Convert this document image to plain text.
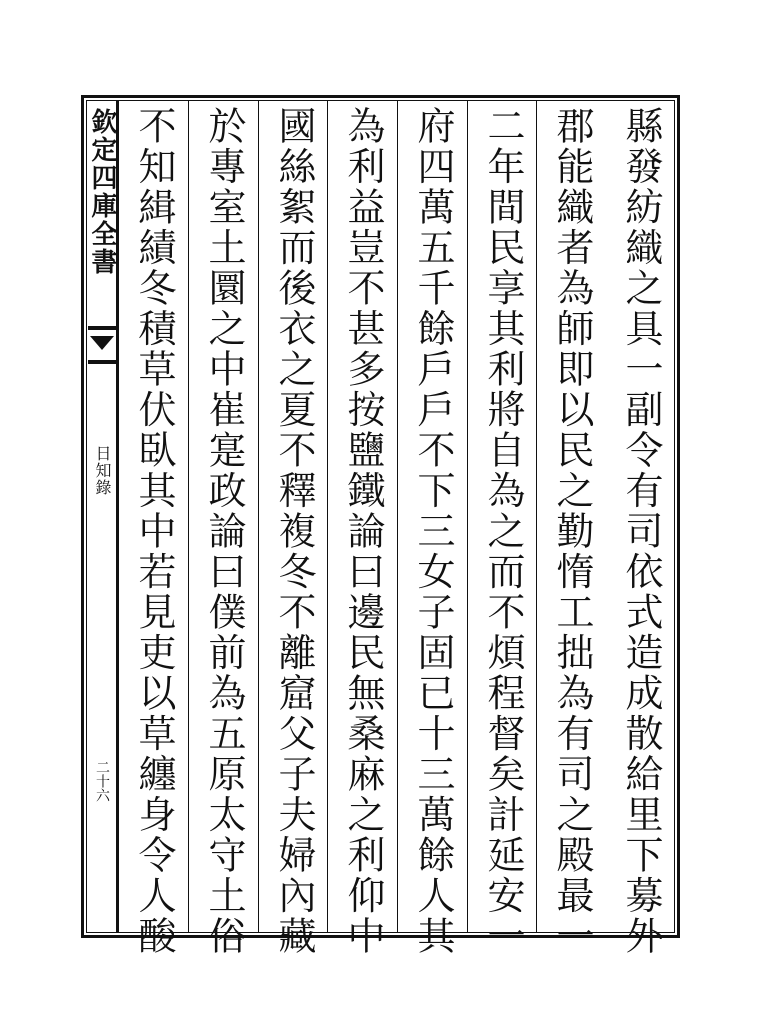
欽定四庫全書
日知錄
二十六	縣發紡織之具一副令有司依式造成散給里下募外
郡能織者為師即以民之勤惰工拙為有司之殿最一
二年間民享其利將自為之而不煩程督矣計延安一
府四萬五千餘戶戶不下三女子固已十三萬餘人其
為利益豈不甚多按鹽鐵論曰邊民無桑麻之利仰中
國絲絮而後衣之夏不釋複冬不離窟父子夫婦內藏
於專室土圜之中崔寔政論曰僕前為五原太守土俗
不知緝績冬積草伏臥其中若見吏以草纏身令人酸
